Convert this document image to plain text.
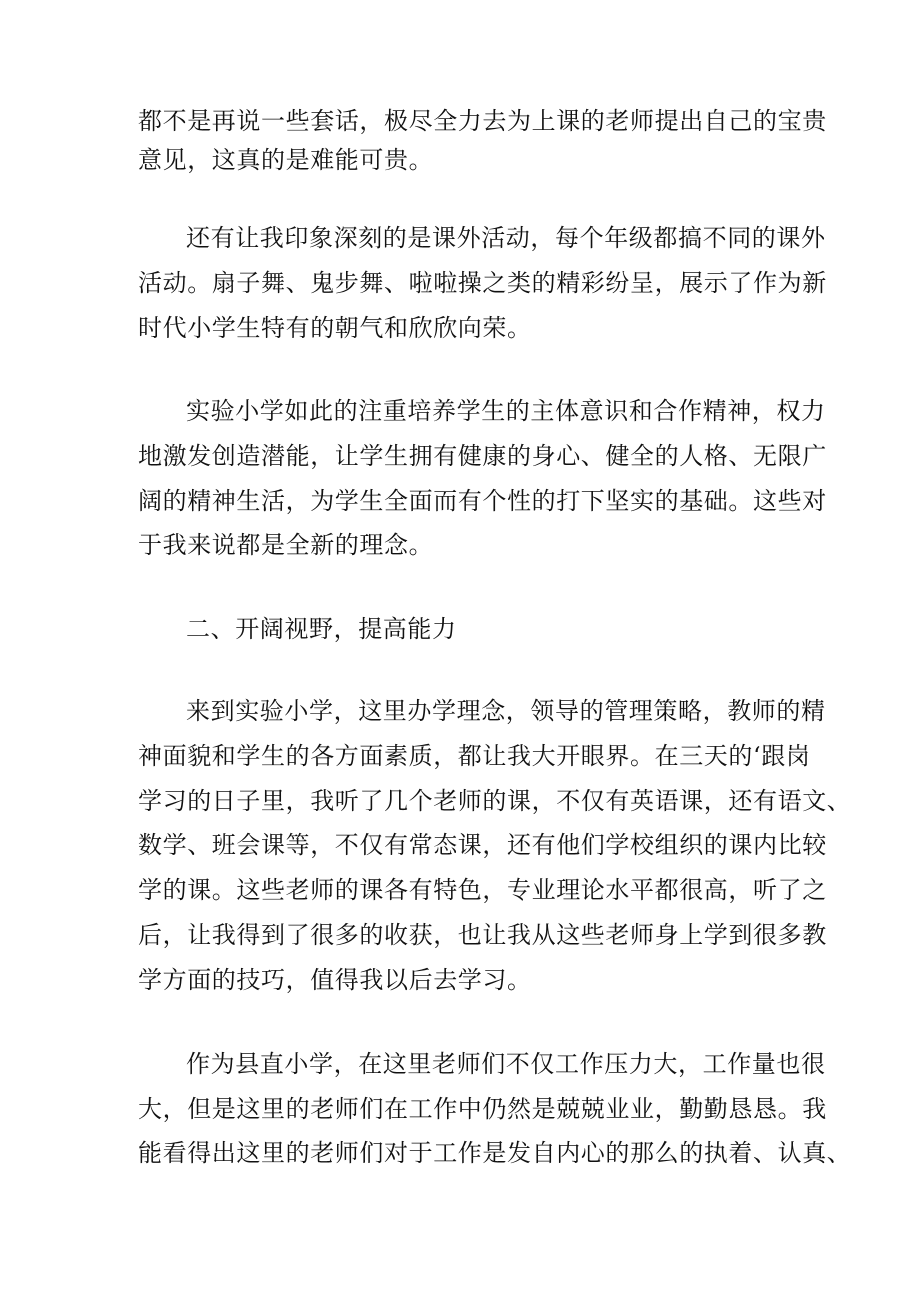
都不是再说一些套话，极尽全力去为上课的老师提出自己的宝贵
意见，这真的是难能可贵。
还有让我印象深刻的是课外活动，每个年级都搞不同的课外
活动。扇子舞、鬼步舞、啦啦操之类的精彩纷呈，展示了作为新
时代小学生特有的朝气和欣欣向荣。
实验小学如此的注重培养学生的主体意识和合作精神，权力
地激发创造潜能，让学生拥有健康的身心、健全的人格、无限广
阔的精神生活，为学生全面而有个性的打下坚实的基础。这些对
于我来说都是全新的理念。
二、开阔视野，提高能力
来到实验小学，这里办学理念，领导的管理策略，教师的精
神面貌和学生的各方面素质，都让我大开眼界。在三天的‘跟岗
学习的日子里，我听了几个老师的课，不仅有英语课，还有语文、
数学、班会课等，不仅有常态课，还有他们学校组织的课内比较
学的课。这些老师的课各有特色，专业理论水平都很高，听了之
后，让我得到了很多的收获，也让我从这些老师身上学到很多教
学方面的技巧，值得我以后去学习。
作为县直小学，在这里老师们不仅工作压力大，工作量也很
大，但是这里的老师们在工作中仍然是兢兢业业，勤勤恳恳。我
能看得出这里的老师们对于工作是发自内心的那么的执着、认真、
